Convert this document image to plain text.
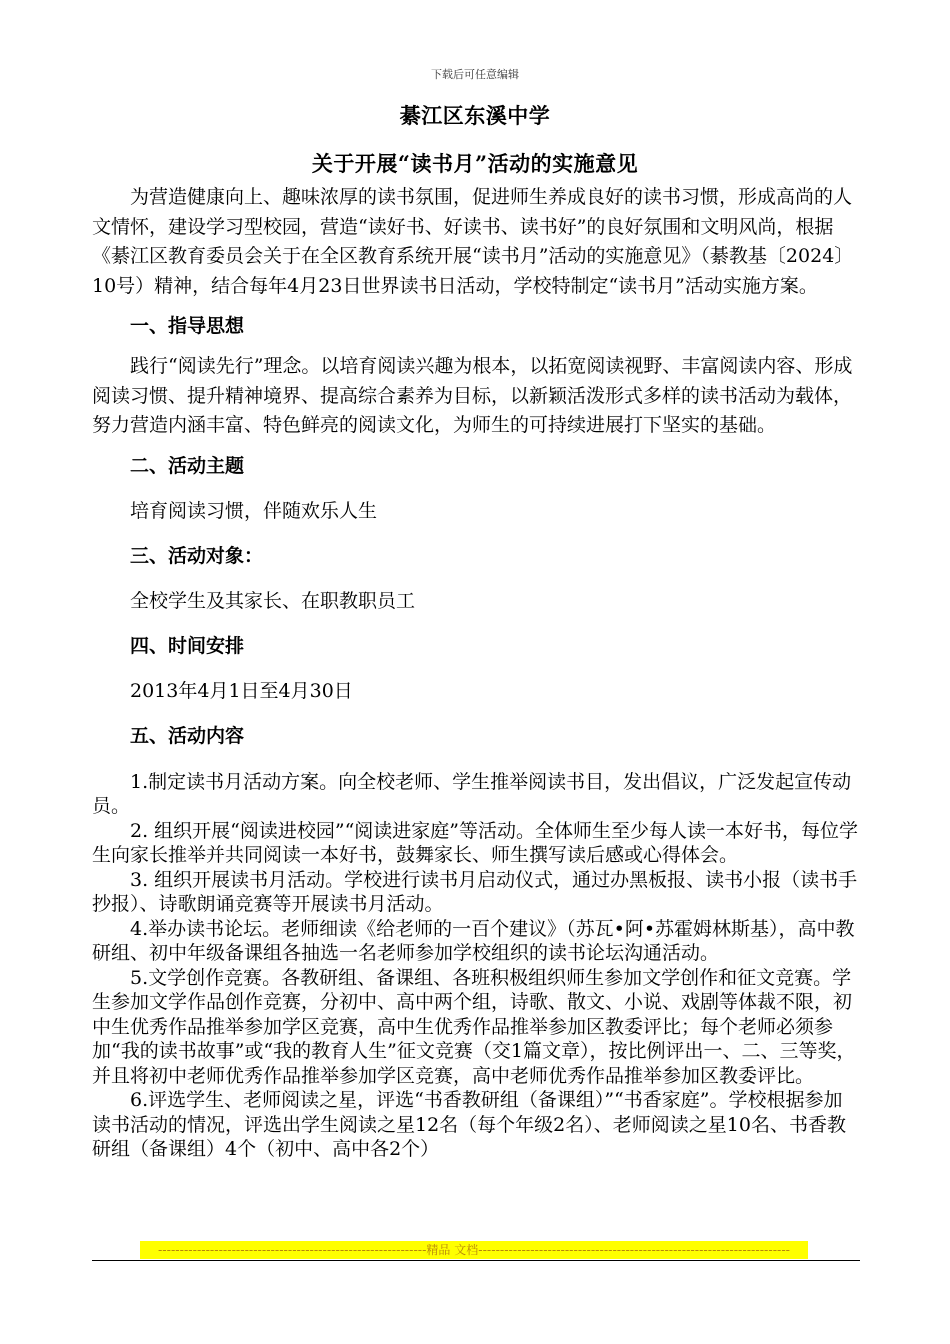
下载后可任意编辑
綦江区东溪中学
关于开展“读书月”活动的实施意见

为营造健康向上、趣味浓厚的读书氛围，促进师生养成良好的读书习惯，形成高尚的人文情怀，建设学习型校园，营造“读好书、好读书、读书好”的良好氛围和文明风尚，根据《綦江区教育委员会关于在全区教育系统开展“读书月”活动的实施意见》（綦教基〔2024〕10号）精神，结合每年4月23日世界读书日活动，学校特制定“读书月”活动实施方案。

一、指导思想

践行“阅读先行”理念。以培育阅读兴趣为根本，以拓宽阅读视野、丰富阅读内容、形成阅读习惯、提升精神境界、提高综合素养为目标，以新颖活泼形式多样的读书活动为载体，努力营造内涵丰富、特色鲜亮的阅读文化，为师生的可持续进展打下坚实的基础。

二、活动主题

培育阅读习惯，伴随欢乐人生

三、活动对象：

全校学生及其家长、在职教职员工

四、时间安排

2013年4月1日至4月30日

五、活动内容

1.制定读书月活动方案。向全校老师、学生推举阅读书目，发出倡议，广泛发起宣传动员。

2. 组织开展“阅读进校园”“阅读进家庭”等活动。全体师生至少每人读一本好书，每位学生向家长推举并共同阅读一本好书，鼓舞家长、师生撰写读后感或心得体会。

3. 组织开展读书月活动。学校进行读书月启动仪式，通过办黑板报、读书小报（读书手抄报）、诗歌朗诵竞赛等开展读书月活动。

4.举办读书论坛。老师细读《给老师的一百个建议》（苏瓦•阿•苏霍姆林斯基），高中教研组、初中年级备课组各抽选一名老师参加学校组织的读书论坛沟通活动。

5.文学创作竞赛。各教研组、备课组、各班积极组织师生参加文学创作和征文竞赛。学生参加文学作品创作竞赛，分初中、高中两个组，诗歌、散文、小说、戏剧等体裁不限，初中生优秀作品推举参加学区竞赛，高中生优秀作品推举参加区教委评比；每个老师必须参加“我的读书故事”或“我的教育人生”征文竞赛（交1篇文章），按比例评出一、二、三等奖，并且将初中老师优秀作品推举参加学区竞赛，高中老师优秀作品推举参加区教委评比。

6.评选学生、老师阅读之星，评选“书香教研组（备课组）”“书香家庭”。学校根据参加读书活动的情况，评选出学生阅读之星12名（每个年级2名）、老师阅读之星10名、书香教研组（备课组）4个（初中、高中各2个）

--------------------------------------------------------------精品 文档------------------------------------------------------------------------
